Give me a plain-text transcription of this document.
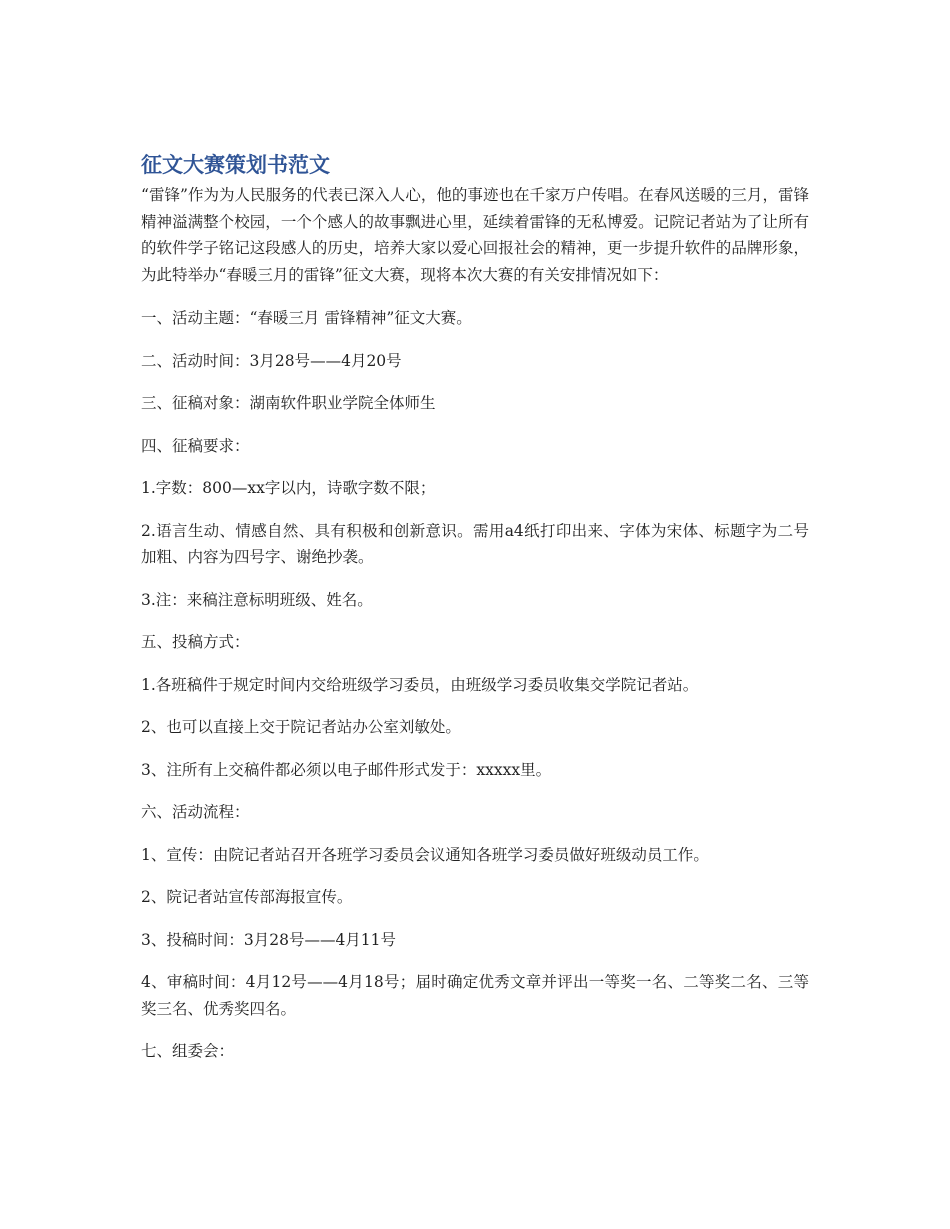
征文大赛策划书范文

“雷锋”作为为人民服务的代表已深入人心，他的事迹也在千家万户传唱。在春风送暖的三月，雷锋精神溢满整个校园，一个个感人的故事飘进心里，延续着雷锋的无私博爱。记院记者站为了让所有的软件学子铭记这段感人的历史，培养大家以爱心回报社会的精神，更一步提升软件的品牌形象，为此特举办“春暖三月的雷锋”征文大赛，现将本次大赛的有关安排情况如下：

一、活动主题：“春暖三月 雷锋精神”征文大赛。

二、活动时间：3月28号——4月20号

三、征稿对象：湖南软件职业学院全体师生

四、征稿要求：

1.字数：800—xx字以内，诗歌字数不限；

2.语言生动、情感自然、具有积极和创新意识。需用a4纸打印出来、字体为宋体、标题字为二号加粗、内容为四号字、谢绝抄袭。

3.注：来稿注意标明班级、姓名。

五、投稿方式：

1.各班稿件于规定时间内交给班级学习委员，由班级学习委员收集交学院记者站。

2、也可以直接上交于院记者站办公室刘敏处。

3、注所有上交稿件都必须以电子邮件形式发于：xxxxx里。

六、活动流程：

1、宣传：由院记者站召开各班学习委员会议通知各班学习委员做好班级动员工作。

2、院记者站宣传部海报宣传。

3、投稿时间：3月28号——4月11号

4、审稿时间：4月12号——4月18号；届时确定优秀文章并评出一等奖一名、二等奖二名、三等奖三名、优秀奖四名。

七、组委会：
